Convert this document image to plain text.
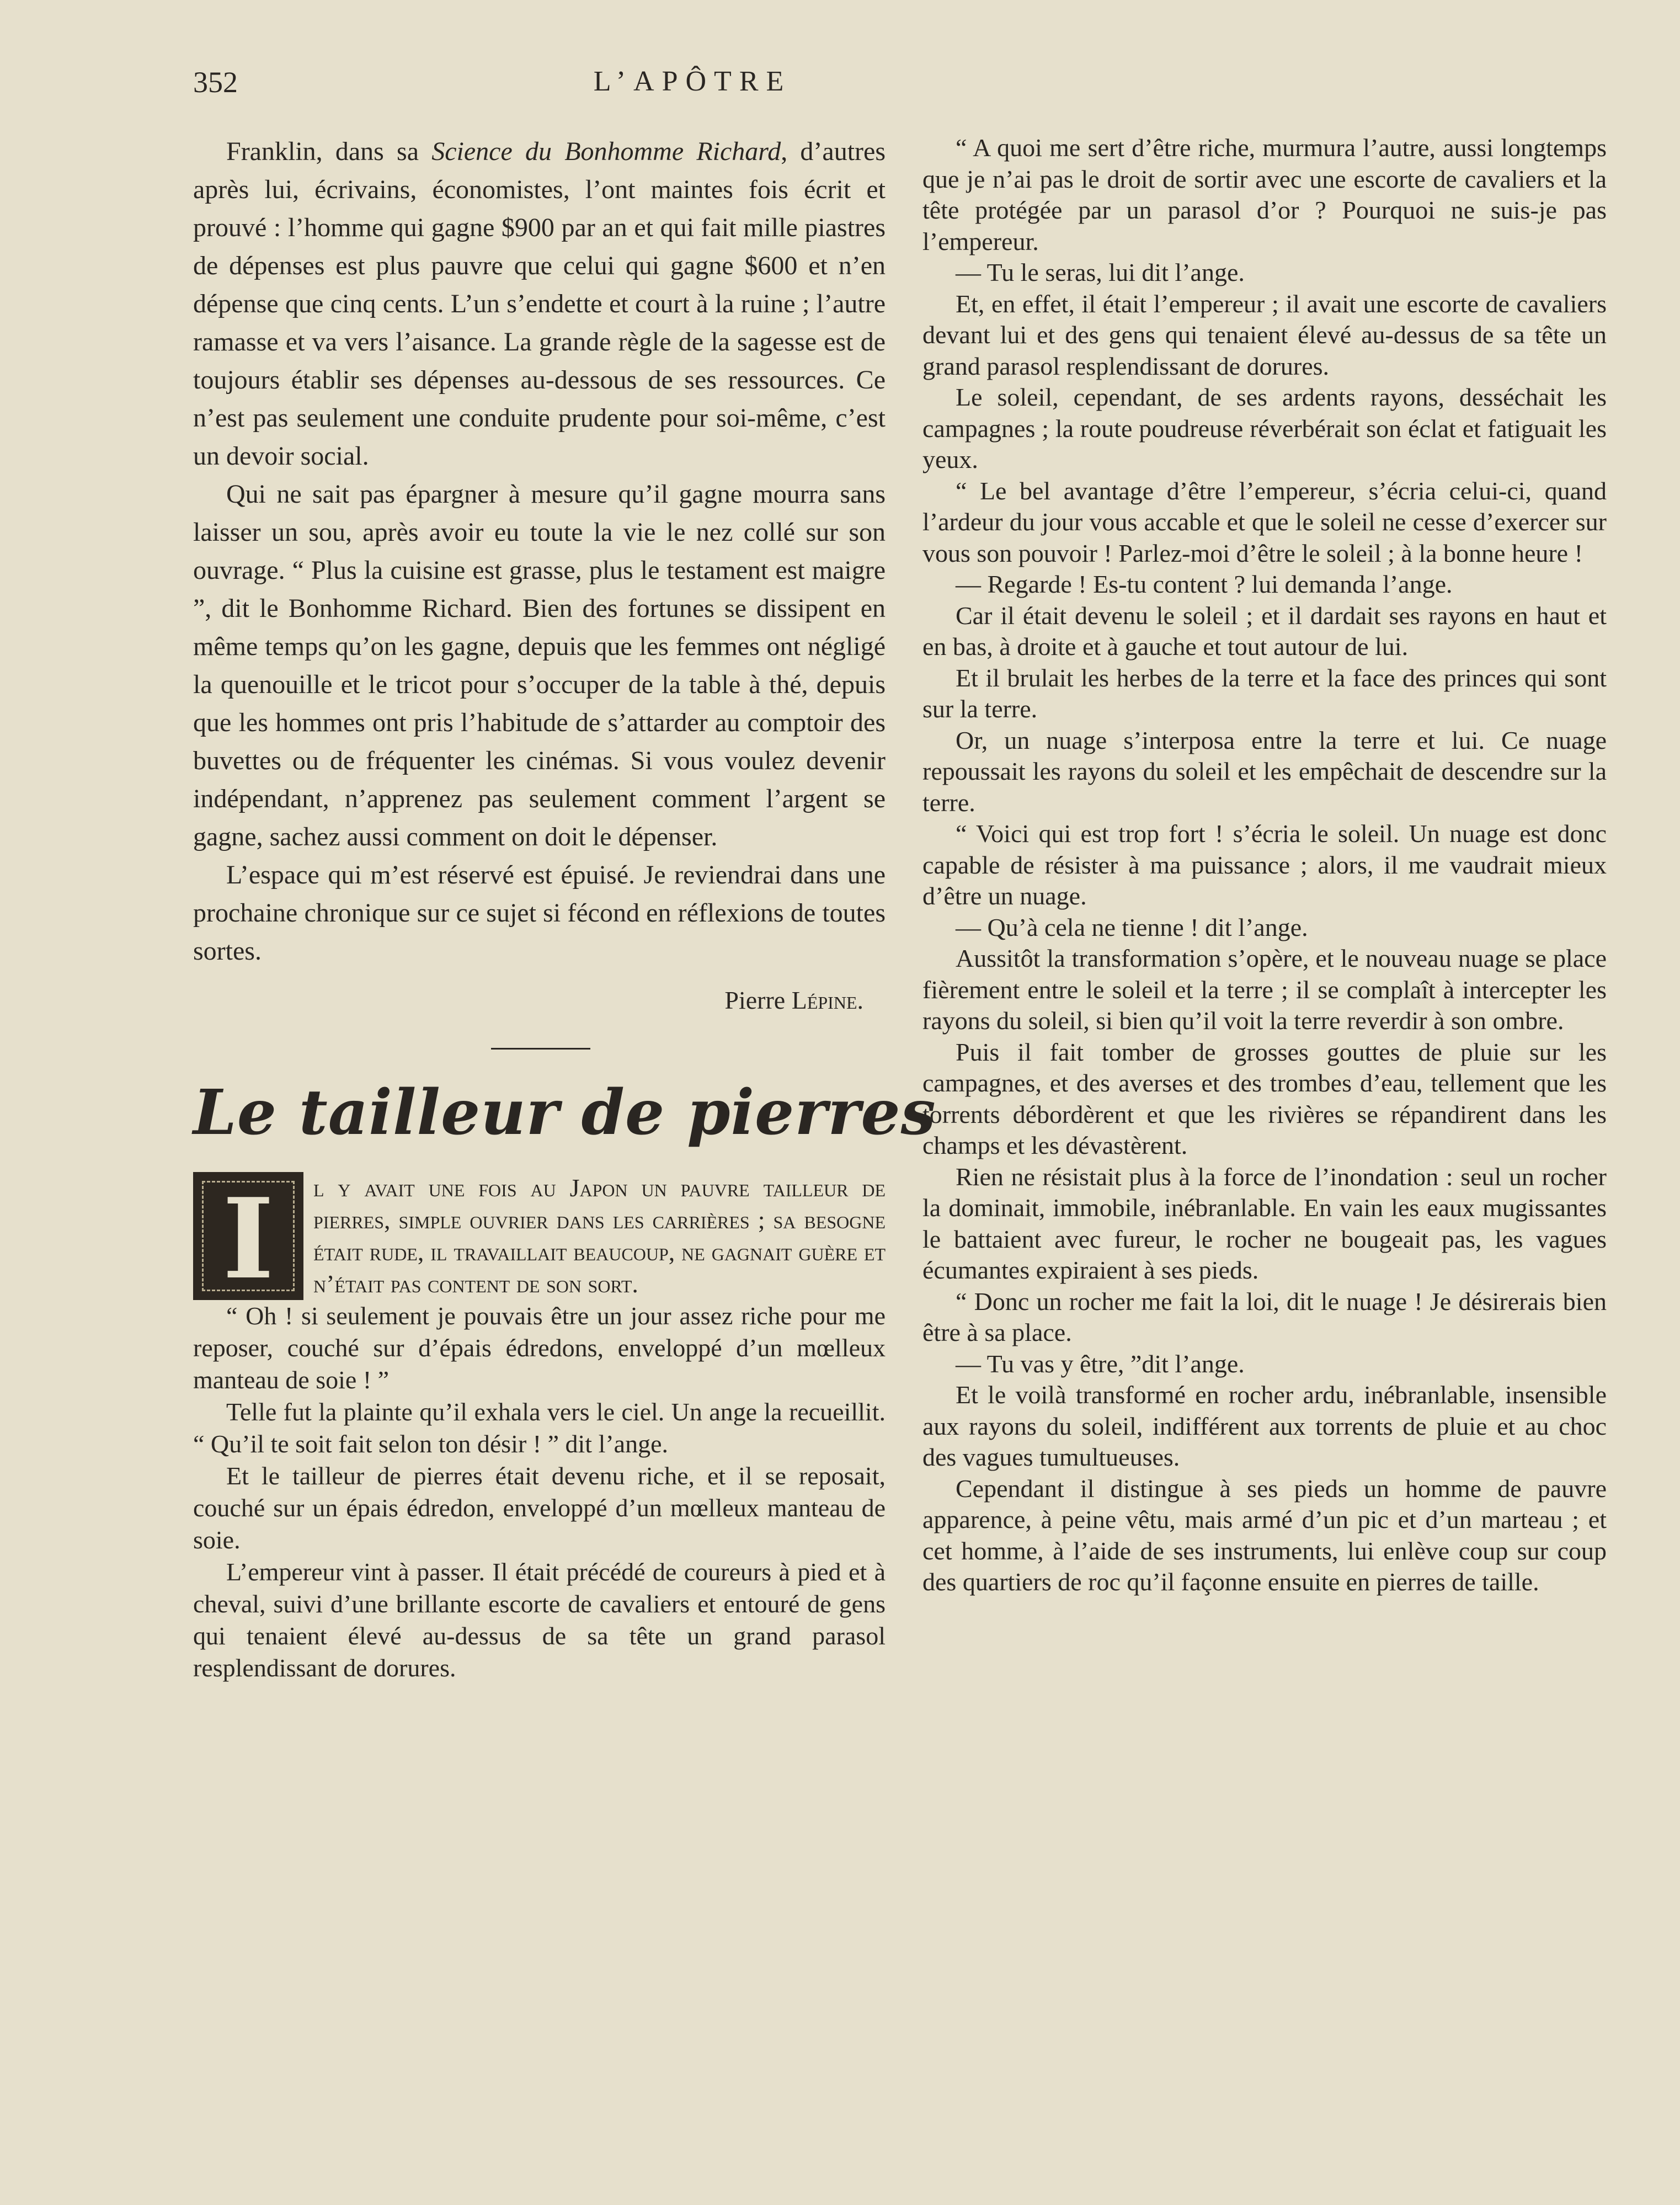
352	L’APÔTRE

Franklin, dans sa Science du Bonhomme Richard, d’autres après lui, écrivains, économistes, l’ont maintes fois écrit et prouvé : l’homme qui gagne $900 par an et qui fait mille piastres de dépenses est plus pauvre que celui qui gagne $600 et n’en dépense que cinq cents. L’un s’endette et court à la ruine ; l’autre ramasse et va vers l’aisance. La grande règle de la sagesse est de toujours établir ses dépenses au-dessous de ses ressources. Ce n’est pas seulement une conduite prudente pour soi-même, c’est un devoir social.

Qui ne sait pas épargner à mesure qu’il gagne mourra sans laisser un sou, après avoir eu toute la vie le nez collé sur son ouvrage. “ Plus la cuisine est grasse, plus le testament est maigre ”, dit le Bonhomme Richard. Bien des fortunes se dissipent en même temps qu’on les gagne, depuis que les femmes ont négligé la quenouille et le tricot pour s’occuper de la table à thé, depuis que les hommes ont pris l’habitude de s’attarder au comptoir des buvettes ou de fréquenter les cinémas. Si vous voulez devenir indépendant, n’apprenez pas seulement comment l’argent se gagne, sachez aussi comment on doit le dépenser.

L’espace qui m’est réservé est épuisé. Je reviendrai dans une prochaine chronique sur ce sujet si fécond en réflexions de toutes sortes.

Pierre Lépine.
Le tailleur de pierres

I	l y avait une fois au Japon un pauvre tailleur de pierres, simple ouvrier dans les carrières ; sa besogne était rude, il travaillait beaucoup, ne gagnait guère et n’était pas content de son sort.

“ Oh ! si seulement je pouvais être un jour assez riche pour me reposer, couché sur d’épais édredons, enveloppé d’un mœlleux manteau de soie ! ”

Telle fut la plainte qu’il exhala vers le ciel. Un ange la recueillit. “ Qu’il te soit fait selon ton désir ! ” dit l’ange.

Et le tailleur de pierres était devenu riche, et il se reposait, couché sur un épais édredon, enveloppé d’un mœlleux manteau de soie.

L’empereur vint à passer. Il était précédé de coureurs à pied et à cheval, suivi d’une brillante escorte de cavaliers et entouré de gens qui tenaient élevé au-dessus de sa tête un grand parasol resplendissant de dorures.

“ A quoi me sert d’être riche, murmura l’autre, aussi longtemps que je n’ai pas le droit de sortir avec une escorte de cavaliers et la tête protégée par un parasol d’or ? Pourquoi ne suis-je pas l’empereur.

— Tu le seras, lui dit l’ange.

Et, en effet, il était l’empereur ; il avait une escorte de cavaliers devant lui et des gens qui tenaient élevé au-dessus de sa tête un grand parasol resplendissant de dorures.

Le soleil, cependant, de ses ardents rayons, desséchait les campagnes ; la route poudreuse réverbérait son éclat et fatiguait les yeux.

“ Le bel avantage d’être l’empereur, s’écria celui-ci, quand l’ardeur du jour vous accable et que le soleil ne cesse d’exercer sur vous son pouvoir ! Parlez-moi d’être le soleil ; à la bonne heure !

— Regarde ! Es-tu content ? lui demanda l’ange.

Car il était devenu le soleil ; et il dardait ses rayons en haut et en bas, à droite et à gauche et tout autour de lui.

Et il brulait les herbes de la terre et la face des princes qui sont sur la terre.

Or, un nuage s’interposa entre la terre et lui. Ce nuage repoussait les rayons du soleil et les empêchait de descendre sur la terre.

“ Voici qui est trop fort ! s’écria le soleil. Un nuage est donc capable de résister à ma puissance ; alors, il me vaudrait mieux d’être un nuage.

— Qu’à cela ne tienne ! dit l’ange.

Aussitôt la transformation s’opère, et le nouveau nuage se place fièrement entre le soleil et la terre ; il se complaît à intercepter les rayons du soleil, si bien qu’il voit la terre reverdir à son ombre.

Puis il fait tomber de grosses gouttes de pluie sur les campagnes, et des averses et des trombes d’eau, tellement que les torrents débordèrent et que les rivières se répandirent dans les champs et les dévastèrent.

Rien ne résistait plus à la force de l’inondation : seul un rocher la dominait, immobile, inébranlable. En vain les eaux mugissantes le battaient avec fureur, le rocher ne bougeait pas, les vagues écumantes expiraient à ses pieds.

“ Donc un rocher me fait la loi, dit le nuage ! Je désirerais bien être à sa place.

— Tu vas y être, ”dit l’ange.

Et le voilà transformé en rocher ardu, inébranlable, insensible aux rayons du soleil, indifférent aux torrents de pluie et au choc des vagues tumultueuses.

Cependant il distingue à ses pieds un homme de pauvre apparence, à peine vêtu, mais armé d’un pic et d’un marteau ; et cet homme, à l’aide de ses instruments, lui enlève coup sur coup des quartiers de roc qu’il façonne ensuite en pierres de taille.
